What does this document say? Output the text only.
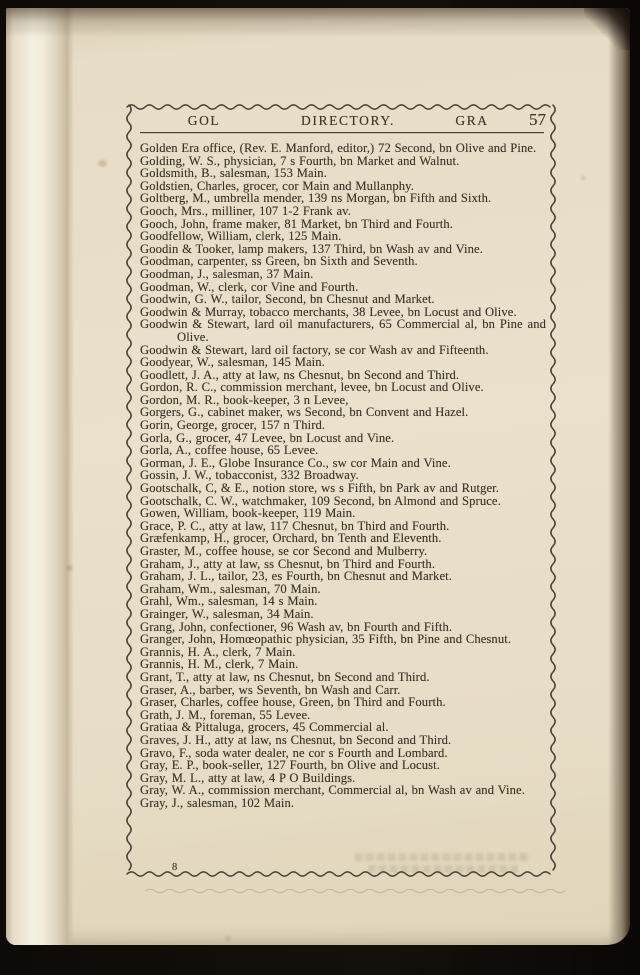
GOL	DIRECTORY.	GRA 57
Golden Era office, (Rev. E. Manford, editor,) 72 Second, bn Olive and Pine.
Golding, W. S., physician, 7 s Fourth, bn Market and Walnut.
Goldsmith, B., salesman, 153 Main.
Goldstien, Charles, grocer, cor Main and Mullanphy.
Goltberg, M., umbrella mender, 139 ns Morgan, bn Fifth and Sixth.
Gooch, Mrs., milliner, 107 1-2 Frank av.
Gooch, John, frame maker, 81 Market, bn Third and Fourth.
Goodfellow, William, clerk, 125 Main.
Goodin & Tooker, lamp makers, 137 Third, bn Wash av and Vine.
Goodman, carpenter, ss Green, bn Sixth and Seventh.
Goodman, J., salesman, 37 Main.
Goodman, W., clerk, cor Vine and Fourth.
Goodwin, G. W., tailor, Second, bn Chesnut and Market.
Goodwin & Murray, tobacco merchants, 38 Levee, bn Locust and Olive.
Goodwin & Stewart, lard oil manufacturers, 65 Commercial al, bn Pine and Olive.
Goodwin & Stewart, lard oil factory, se cor Wash av and Fifteenth.
Goodyear, W., salesman, 145 Main.
Goodlett, J. A., atty at law, ns Chesnut, bn Second and Third.
Gordon, R. C., commission merchant, levee, bn Locust and Olive.
Gordon, M. R., book-keeper, 3 n Levee,
Gorgers, G., cabinet maker, ws Second, bn Convent and Hazel.
Gorin, George, grocer, 157 n Third.
Gorla, G., grocer, 47 Levee, bn Locust and Vine.
Gorla, A., coffee house, 65 Levee.
Gorman, J. E., Globe Insurance Co., sw cor Main and Vine.
Gossin, J. W., tobacconist, 332 Broadway.
Gootschalk, C, & E., notion store, ws s Fifth, bn Park av and Rutger.
Gootschalk, C. W., watchmaker, 109 Second, bn Almond and Spruce.
Gowen, William, book-keeper, 119 Main.
Grace, P. C., atty at law, 117 Chesnut, bn Third and Fourth.
Græfenkamp, H., grocer, Orchard, bn Tenth and Eleventh.
Graster, M., coffee house, se cor Second and Mulberry.
Graham, J., atty at law, ss Chesnut, bn Third and Fourth.
Graham, J. L., tailor, 23, es Fourth, bn Chesnut and Market.
Graham, Wm., salesman, 70 Main.
Grahl, Wm., salesman, 14 s Main.
Grainger, W., salesman, 34 Main.
Grang, John, confectioner, 96 Wash av, bn Fourth and Fifth.
Granger, John, Homœopathic physician, 35 Fifth, bn Pine and Chesnut.
Grannis, H. A., clerk, 7 Main.
Grannis, H. M., clerk, 7 Main.
Grant, T., atty at law, ns Chesnut, bn Second and Third.
Graser, A., barber, ws Seventh, bn Wash and Carr.
Graser, Charles, coffee house, Green, bn Third and Fourth.
Grath, J. M., foreman, 55 Levee.
Gratiaa & Pittaluga, grocers, 45 Commercial al.
Graves, J. H., atty at law, ns Chesnut, bn Second and Third.
Gravo, F., soda water dealer, ne cor s Fourth and Lombard.
Gray, E. P., book-seller, 127 Fourth, bn Olive and Locust.
Gray, M. L., atty at law, 4 P O Buildings.
Gray, W. A., commission merchant, Commercial al, bn Wash av and Vine.
Gray, J., salesman, 102 Main.
8
